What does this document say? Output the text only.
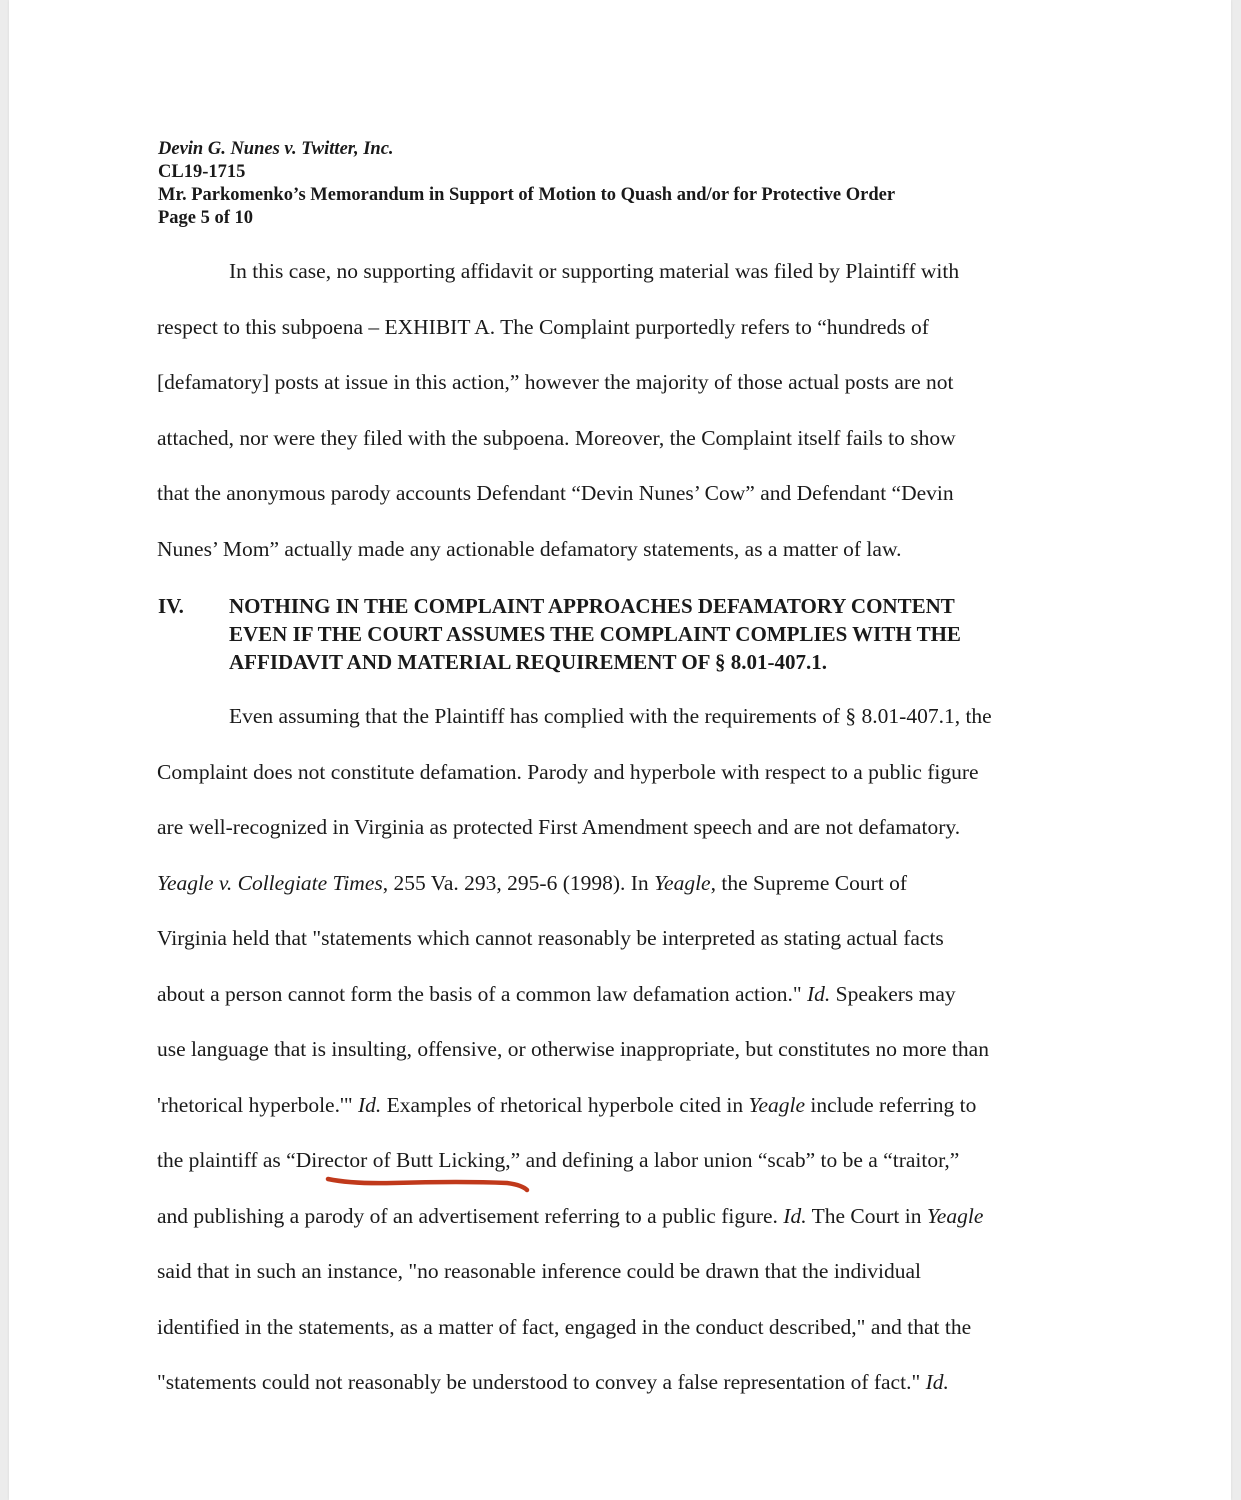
Devin G. Nunes v. Twitter, Inc.
CL19-1715
Mr. Parkomenko’s Memorandum in Support of Motion to Quash and/or for Protective Order
Page 5 of 10
In this case, no supporting affidavit or supporting material was filed by Plaintiff with
respect to this subpoena – EXHIBIT A. The Complaint purportedly refers to “hundreds of
[defamatory] posts at issue in this action,” however the majority of those actual posts are not
attached, nor were they filed with the subpoena. Moreover, the Complaint itself fails to show
that the anonymous parody accounts Defendant “Devin Nunes’ Cow” and Defendant “Devin
Nunes’ Mom” actually made any actionable defamatory statements, as a matter of law.
IV. NOTHING IN THE COMPLAINT APPROACHES DEFAMATORY CONTENT
EVEN IF THE COURT ASSUMES THE COMPLAINT COMPLIES WITH THE
AFFIDAVIT AND MATERIAL REQUIREMENT OF § 8.01-407.1.
Even assuming that the Plaintiff has complied with the requirements of § 8.01-407.1, the
Complaint does not constitute defamation. Parody and hyperbole with respect to a public figure
are well-recognized in Virginia as protected First Amendment speech and are not defamatory.
Yeagle v. Collegiate Times, 255 Va. 293, 295-6 (1998). In Yeagle, the Supreme Court of
Virginia held that "statements which cannot reasonably be interpreted as stating actual facts
about a person cannot form the basis of a common law defamation action." Id. Speakers may
use language that is insulting, offensive, or otherwise inappropriate, but constitutes no more than
'rhetorical hyperbole.'" Id. Examples of rhetorical hyperbole cited in Yeagle include referring to
the plaintiff as “Director of Butt Licking,” and defining a labor union “scab” to be a “traitor,”
and publishing a parody of an advertisement referring to a public figure. Id. The Court in Yeagle
said that in such an instance, "no reasonable inference could be drawn that the individual
identified in the statements, as a matter of fact, engaged in the conduct described," and that the
"statements could not reasonably be understood to convey a false representation of fact." Id.
